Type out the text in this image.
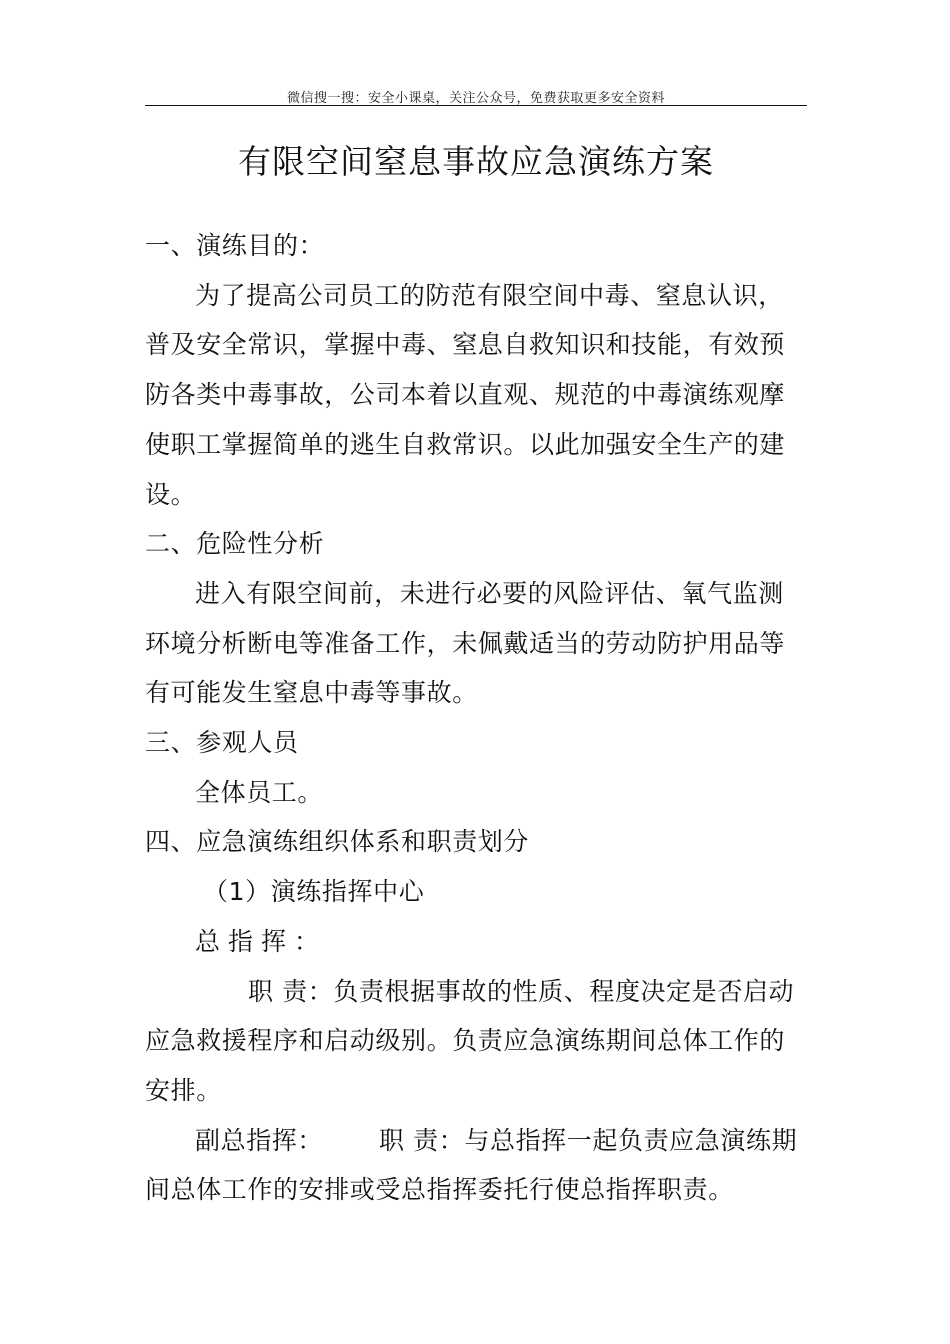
微信搜一搜：安全小课桌，关注公众号，免费获取更多安全资料
有限空间窒息事故应急演练方案

一、演练目的：

为了提高公司员工的防范有限空间中毒、窒息认识，普及安全常识，掌握中毒、窒息自救知识和技能，有效预防各类中毒事故，公司本着以直观、规范的中毒演练观摩使职工掌握简单的逃生自救常识。以此加强安全生产的建设。

二、危险性分析

进入有限空间前，未进行必要的风险评估、氧气监测环境分析断电等准备工作，未佩戴适当的劳动防护用品等有可能发生窒息中毒等事故。

三、参观人员

全体员工。

四、应急演练组织体系和职责划分

（1）演练指挥中心

总指挥：

职 责：负责根据事故的性质、程度决定是否启动应急救援程序和启动级别。负责应急演练期间总体工作的安排。

副总指挥： 职 责：与总指挥一起负责应急演练期间总体工作的安排或受总指挥委托行使总指挥职责。
